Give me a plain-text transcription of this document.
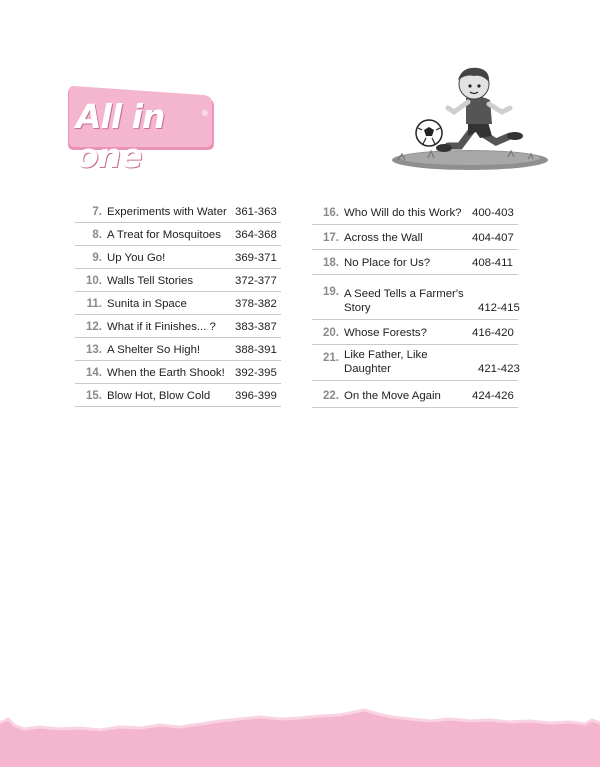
All in one
®
7. Experiments with Water 361-363
8. A Treat for Mosquitoes	364-368
9. Up You Go!	369-371
10. Walls Tell Stories	372-377
11. Sunita in Space	378-382
12. What if it Finishes... ?	383-387
13. A Shelter So High!	388-391
14. When the Earth Shook! 392-395
15. Blow Hot, Blow Cold	396-399
16. Who Will do this Work? 400-403
17. Across the Wall	404-407
18. No Place for Us?	408-411
19. A Seed Tells a Farmer's Story	412-415
20. Whose Forests?	416-420
21. Like Father, Like Daughter	421-423
22. On the Move Again	424-426
